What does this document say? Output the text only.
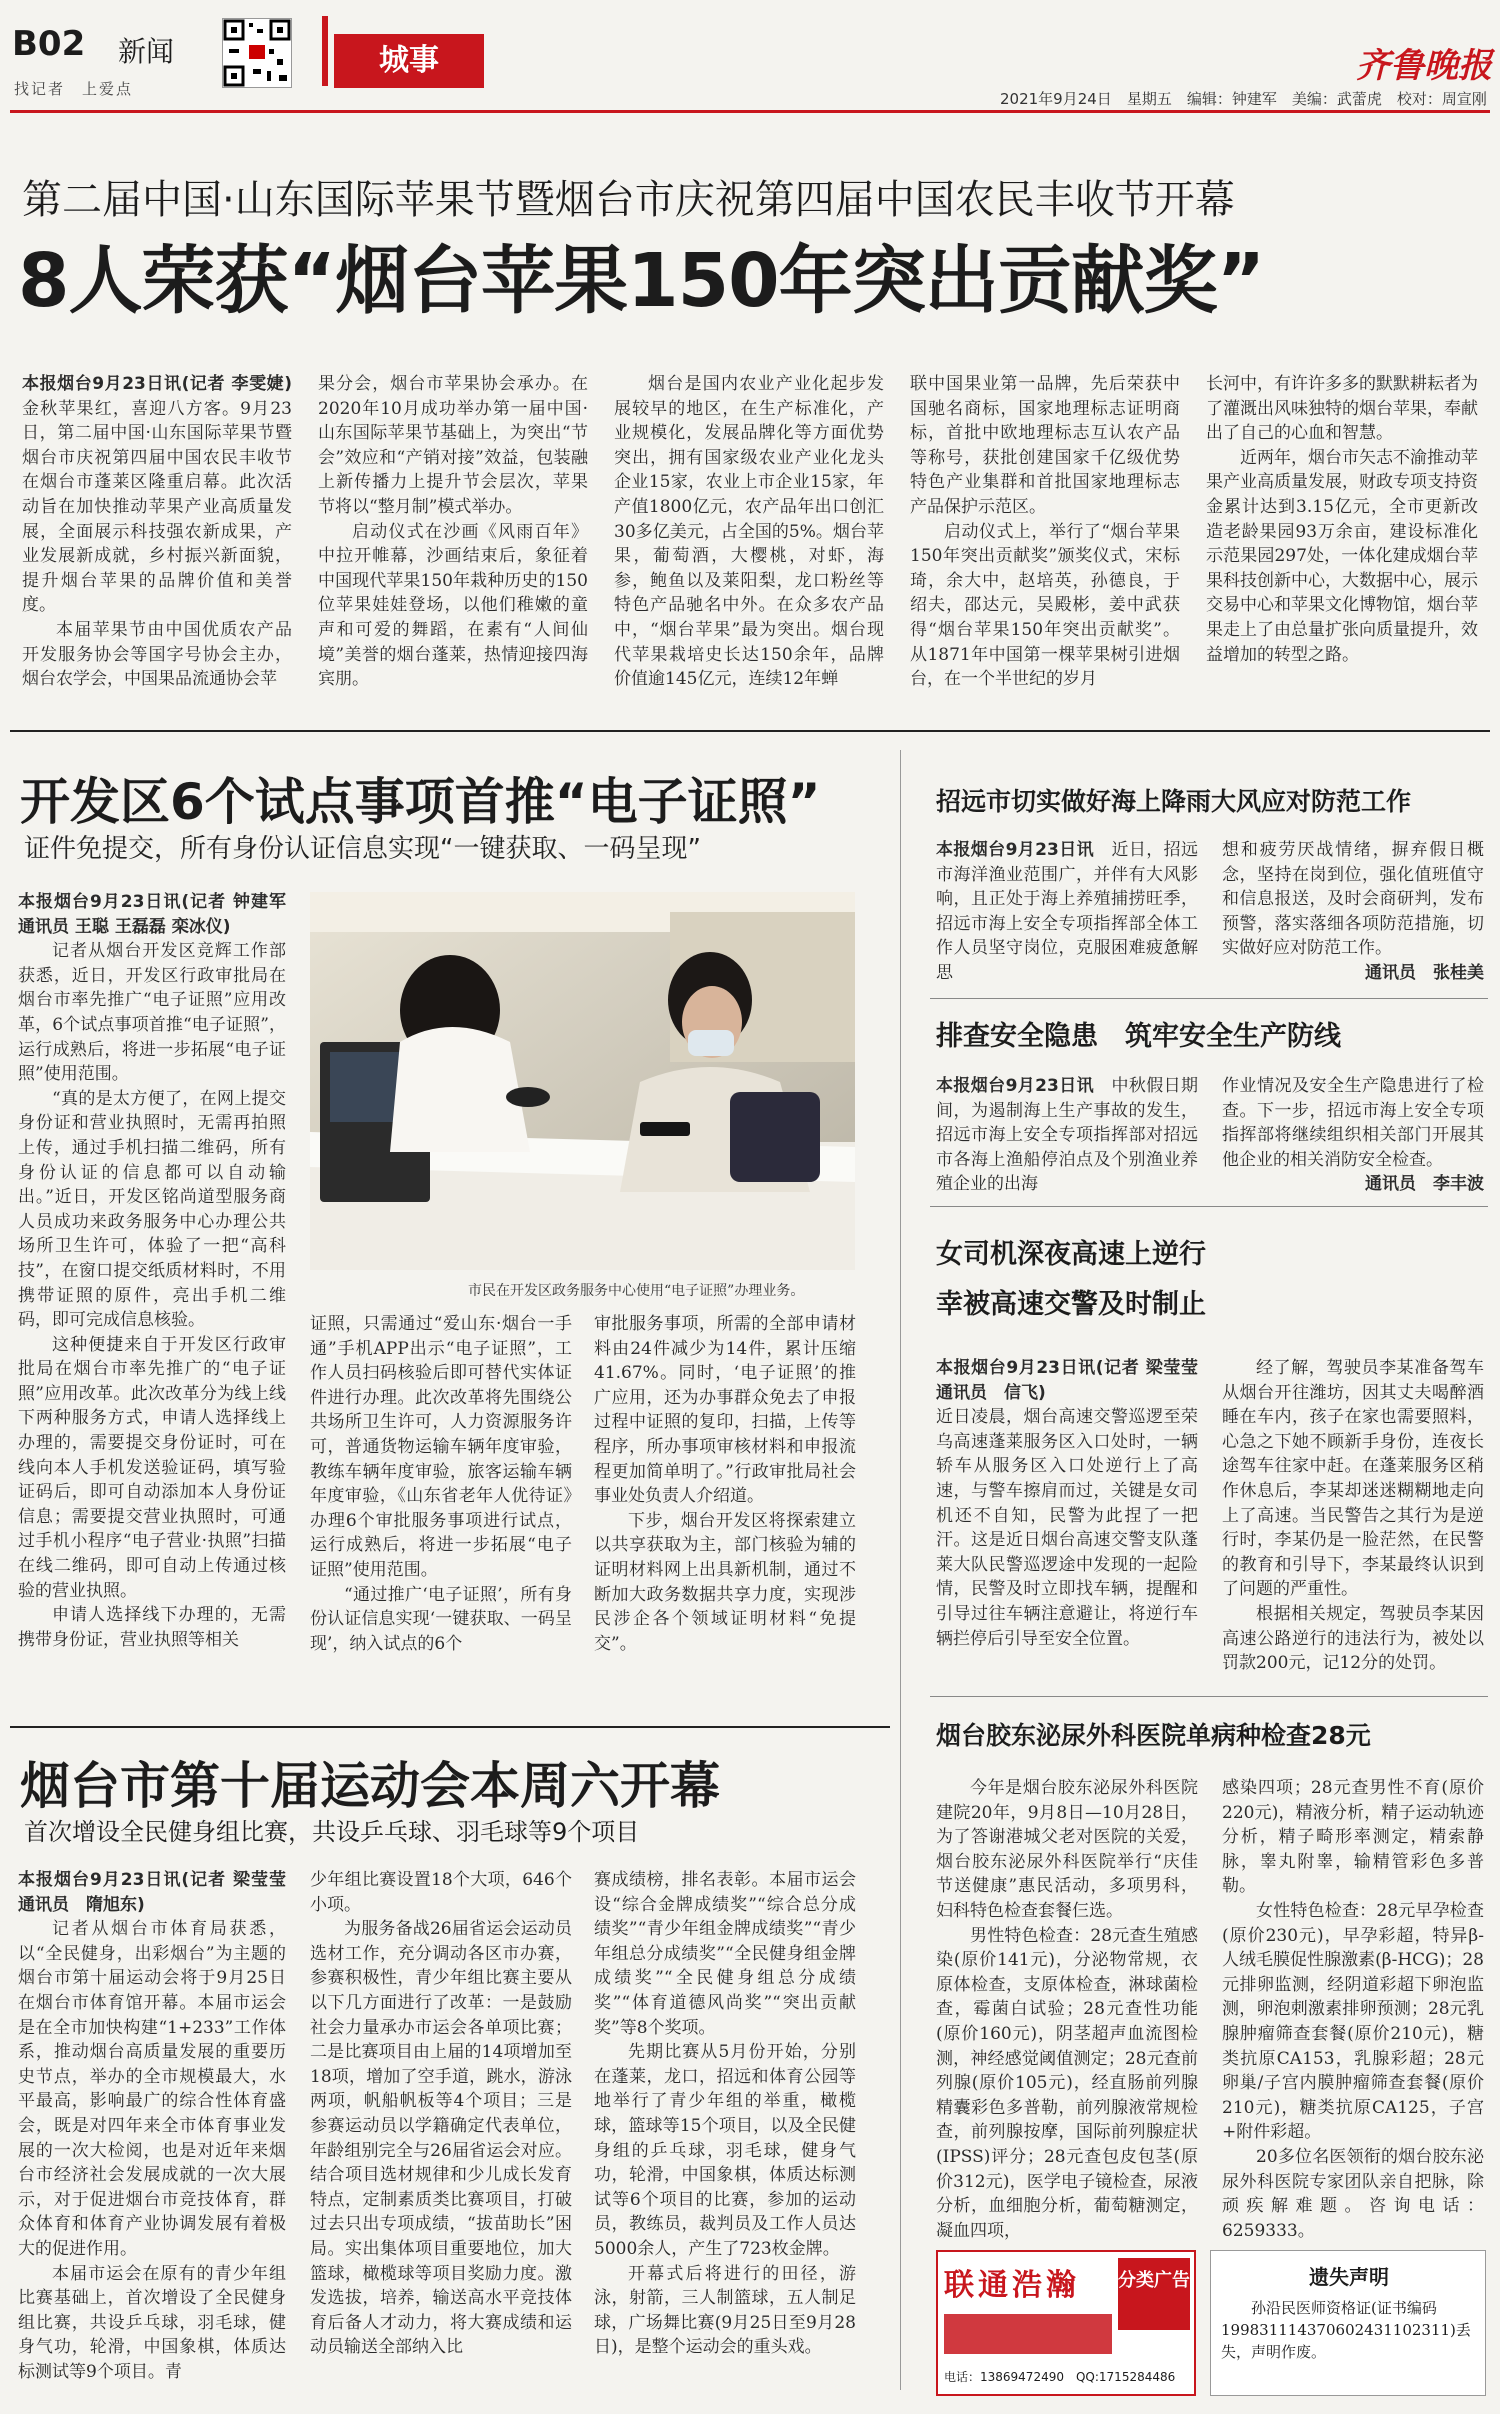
B02 新闻
找记者　上爱点
城事	齐鲁晚报
2021年9月24日　 星期五　 编辑：钟建军　 美编：武蕾虎　 校对：周宣刚
第二届中国·山东国际苹果节暨烟台市庆祝第四届中国农民丰收节开幕
8人荣获“烟台苹果150年突出贡献奖”

本报烟台9月23日讯(记者 李雯婕)金秋苹果红，喜迎八方客。9月23日，第二届中国·山东国际苹果节暨烟台市庆祝第四届中国农民丰收节在烟台市蓬莱区隆重启幕。此次活动旨在加快推动苹果产业高质量发展，全面展示科技强农新成果，产业发展新成就，乡村振兴新面貌，提升烟台苹果的品牌价值和美誉度。

本届苹果节由中国优质农产品开发服务协会等国字号协会主办，烟台农学会，中国果品流通协会苹

果分会，烟台市苹果协会承办。在2020年10月成功举办第一届中国·山东国际苹果节基础上，为突出“节会”效应和“产销对接”效益，包装融上新传播力上提升节会层次，苹果节将以“整月制”模式举办。

启动仪式在沙画《风雨百年》中拉开帷幕，沙画结束后，象征着中国现代苹果150年栽种历史的150位苹果娃娃登场，以他们稚嫩的童声和可爱的舞蹈，在素有“人间仙境”美誉的烟台蓬莱，热情迎接四海宾朋。

烟台是国内农业产业化起步发展较早的地区，在生产标准化，产业规模化，发展品牌化等方面优势突出，拥有国家级农业产业化龙头企业15家，农业上市企业15家，年产值1800亿元，农产品年出口创汇30多亿美元，占全国的5%。烟台苹果，葡萄酒，大樱桃，对虾，海参，鲍鱼以及莱阳梨，龙口粉丝等特色产品驰名中外。在众多农产品中，“烟台苹果”最为突出。烟台现代苹果栽培史长达150余年，品牌价值逾145亿元，连续12年蝉

联中国果业第一品牌，先后荣获中国驰名商标，国家地理标志证明商标，首批中欧地理标志互认农产品等称号，获批创建国家千亿级优势特色产业集群和首批国家地理标志产品保护示范区。

启动仪式上，举行了“烟台苹果150年突出贡献奖”颁奖仪式，宋标琦，余大中，赵培英，孙德良，于绍夫，邵达元，吴殿彬，姜中武获得“烟台苹果150年突出贡献奖”。从1871年中国第一棵苹果树引进烟台，在一个半世纪的岁月

长河中，有许许多多的默默耕耘者为了灌溉出风味独特的烟台苹果，奉献出了自己的心血和智慧。

近两年，烟台市矢志不渝推动苹果产业高质量发展，财政专项支持资金累计达到3.15亿元，全市更新改造老龄果园93万余亩，建设标准化示范果园297处，一体化建成烟台苹果科技创新中心，大数据中心，展示交易中心和苹果文化博物馆，烟台苹果走上了由总量扩张向质量提升，效益增加的转型之路。

开发区6个试点事项首推“电子证照”
证件免提交，所有身份认证信息实现“一键获取、一码呈现”

本报烟台9月23日讯(记者 钟建军 通讯员 王聪 王磊磊 栾冰仪)

记者从烟台开发区竞辉工作部获悉，近日，开发区行政审批局在烟台市率先推广“电子证照”应用改革，6个试点事项首推“电子证照”，运行成熟后，将进一步拓展“电子证照”使用范围。

“真的是太方便了，在网上提交身份证和营业执照时，无需再拍照上传，通过手机扫描二维码，所有身份认证的信息都可以自动输出。”近日，开发区铭尚道型服务商人员成功来政务服务中心办理公共场所卫生许可，体验了一把“高科技”，在窗口提交纸质材料时，不用携带证照的原件，亮出手机二维码，即可完成信息核验。

这种便捷来自于开发区行政审批局在烟台市率先推广的“电子证照”应用改革。此次改革分为线上线下两种服务方式，申请人选择线上办理的，需要提交身份证时，可在线向本人手机发送验证码，填写验证码后，即可自动添加本人身份证信息；需要提交营业执照时，可通过手机小程序“电子营业·执照”扫描在线二维码，即可自动上传通过核验的营业执照。

申请人选择线下办理的，无需携带身份证，营业执照等相关

市民在开发区政务服务中心使用“电子证照”办理业务。

证照，只需通过“爱山东·烟台一手通”手机APP出示“电子证照”，工作人员扫码核验后即可替代实体证件进行办理。此次改革将先围绕公共场所卫生许可，人力资源服务许可，普通货物运输车辆年度审验，教练车辆年度审验，旅客运输车辆年度审验，《山东省老年人优待证》办理6个审批服务事项进行试点，运行成熟后，将进一步拓展“电子证照”使用范围。

“通过推广‘电子证照’，所有身份认证信息实现‘一键获取、一码呈现’，纳入试点的6个

审批服务事项，所需的全部申请材料由24件减少为14件，累计压缩41.67%。同时，‘电子证照’的推广应用，还为办事群众免去了申报过程中证照的复印，扫描，上传等程序，所办事项审核材料和申报流程更加简单明了。”行政审批局社会事业处负责人介绍道。

下步，烟台开发区将探索建立以共享获取为主，部门核验为辅的证明材料网上出具新机制，通过不断加大政务数据共享力度，实现涉民涉企各个领域证明材料“免提交”。

招远市切实做好海上降雨大风应对防范工作

本报烟台9月23日讯　 近日，招远市海洋渔业范围广，并伴有大风影响，且正处于海上养殖捕捞旺季，招远市海上安全专项指挥部全体工作人员坚守岗位，克服困难疲惫解思

想和疲劳厌战情绪，摒弃假日概念，坚持在岗到位，强化值班值守和信息报送，及时会商研判，发布预警，落实落细各项防范措施，切实做好应对防范工作。

通讯员　张桂美

排查安全隐患　筑牢安全生产防线

本报烟台9月23日讯　 中秋假日期间，为遏制海上生产事故的发生，招远市海上安全专项指挥部对招远市各海上渔船停泊点及个别渔业养殖企业的出海

作业情况及安全生产隐患进行了检查。下一步，招远市海上安全专项指挥部将继续组织相关部门开展其他企业的相关消防安全检查。

通讯员　李丰波

女司机深夜高速上逆行
幸被高速交警及时制止

本报烟台9月23日讯(记者 梁莹莹　通讯员　信飞)

近日凌晨，烟台高速交警巡逻至荣乌高速蓬莱服务区入口处时，一辆轿车从服务区入口处逆行上了高速，与警车擦肩而过，关键是女司机还不自知，民警为此捏了一把汗。这是近日烟台高速交警支队蓬莱大队民警巡逻途中发现的一起险情，民警及时立即找车辆，提醒和引导过往车辆注意避让，将逆行车辆拦停后引导至安全位置。

经了解，驾驶员李某准备驾车从烟台开往潍坊，因其丈夫喝醉酒睡在车内，孩子在家也需要照料，心急之下她不顾新手身份，连夜长途驾车往家中赶。在蓬莱服务区稍作休息后，李某却迷迷糊糊地走向上了高速。当民警告之其行为是逆行时，李某仍是一脸茫然，在民警的教育和引导下，李某最终认识到了问题的严重性。

根据相关规定，驾驶员李某因高速公路逆行的违法行为，被处以罚款200元，记12分的处罚。

烟台胶东泌尿外科医院单病种检查28元

今年是烟台胶东泌尿外科医院建院20年，9月8日—10月28日，为了答谢港城父老对医院的关爱，烟台胶东泌尿外科医院举行“庆佳节送健康”惠民活动，多项男科，妇科特色检查套餐仨选。

男性特色检查：28元查生殖感染(原价141元)，分泌物常规，衣原体检查，支原体检查，淋球菌检查，霉菌白试验；28元查性功能(原价160元)，阴茎超声血流图检测，神经感觉阈值测定；28元查前列腺(原价105元)，经直肠前列腺精囊彩色多普勒，前列腺液常规检查，前列腺按摩，国际前列腺症状(IPSS)评分；28元查包皮包茎(原价312元)，医学电子镜检查，尿液分析，血细胞分析，葡萄糖测定，凝血四项，

感染四项；28元查男性不育(原价220元)，精液分析，精子运动轨迹分析，精子畸形率测定，精索静脉，睾丸附睾，输精管彩色多普勒。

女性特色检查：28元早孕检查(原价230元)，早孕彩超，特异β-人绒毛膜促性腺激素(β-HCG)；28元排卵监测，经阴道彩超下卵泡监测，卵泡刺激素排卵预测；28元乳腺肿瘤筛查套餐(原价210元)，糖类抗原CA153，乳腺彩超；28元卵巢/子宫内膜肿瘤筛查套餐(原价210元)，糖类抗原CA125，子宫+附件彩超。

20多位名医领衔的烟台胶东泌尿外科医院专家团队亲自把脉，除顽疾解难题。咨询电话：6259333。

联通浩瀚 分类广告
电话：13869472490　QQ:1715284486
遗失声明
孙沿民医师资格证(证书编码199831114370602431102311)丢失，声明作废。
烟台市第十届运动会本周六开幕
首次增设全民健身组比赛，共设乒乓球、羽毛球等9个项目

本报烟台9月23日讯(记者 梁莹莹　通讯员　隋旭东)

记者从烟台市体育局获悉，以“全民健身，出彩烟台”为主题的烟台市第十届运动会将于9月25日在烟台市体育馆开幕。本届市运会是在全市加快构建“1+233”工作体系，推动烟台高质量发展的重要历史节点，举办的全市规模最大，水平最高，影响最广的综合性体育盛会，既是对四年来全市体育事业发展的一次大检阅，也是对近年来烟台市经济社会发展成就的一次大展示，对于促进烟台市竞技体育，群众体育和体育产业协调发展有着极大的促进作用。

本届市运会在原有的青少年组比赛基础上，首次增设了全民健身组比赛，共设乒乓球，羽毛球，健身气功，轮滑，中国象棋，体质达标测试等9个项目。青

少年组比赛设置18个大项，646个小项。

为服务备战26届省运会运动员选材工作，充分调动各区市办赛，参赛积极性，青少年组比赛主要从以下几方面进行了改革：一是鼓励社会力量承办市运会各单项比赛；二是比赛项目由上届的14项增加至18项，增加了空手道，跳水，游泳两项，帆船帆板等4个项目；三是参赛运动员以学籍确定代表单位，年龄组别完全与26届省运会对应。结合项目选材规律和少儿成长发育特点，定制素质类比赛项目，打破过去只出专项成绩，“拔苗助长”困局。实出集体项目重要地位，加大篮球，橄榄球等项目奖励力度。激发选拔，培养，输送高水平竞技体育后备人才动力，将大赛成绩和运动员输送全部纳入比

赛成绩榜，排名表彰。本届市运会设“综合金牌成绩奖”“综合总分成绩奖”“青少年组金牌成绩奖”“青少年组总分成绩奖”“全民健身组金牌成绩奖”“全民健身组总分成绩奖”“体育道德风尚奖”“突出贡献奖”等8个奖项。

先期比赛从5月份开始，分别在蓬莱，龙口，招远和体育公园等地举行了青少年组的举重，橄榄球，篮球等15个项目，以及全民健身组的乒乓球，羽毛球，健身气功，轮滑，中国象棋，体质达标测试等6个项目的比赛，参加的运动员，教练员，裁判员及工作人员达5000余人，产生了723枚金牌。

开幕式后将进行的田径，游泳，射箭，三人制篮球，五人制足球，广场舞比赛(9月25日至9月28日)，是整个运动会的重头戏。
